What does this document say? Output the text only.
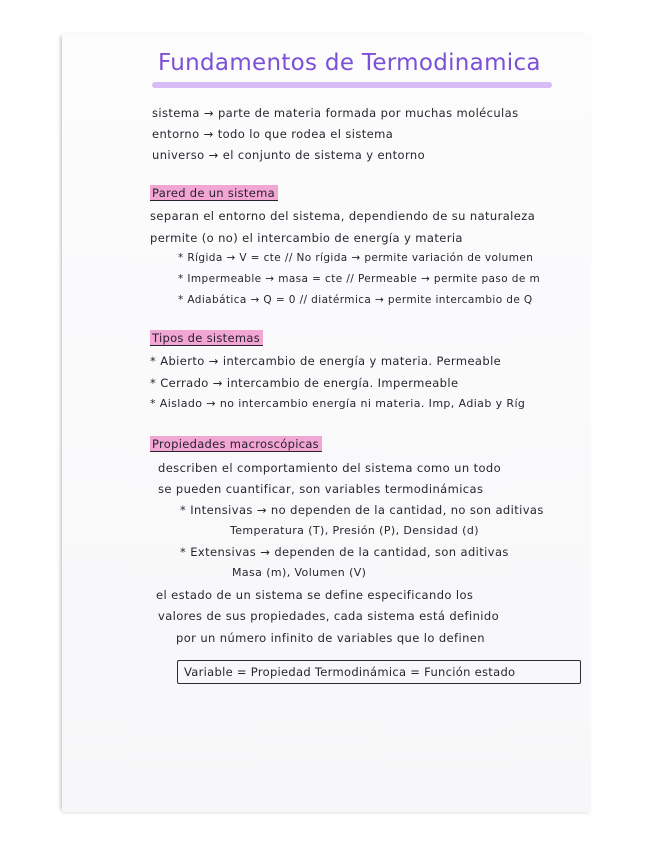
Fundamentos de Termodinamica
sistema → parte de materia formada por muchas moléculas
entorno → todo lo que rodea el sistema
universo → el conjunto de sistema y entorno
Pared de un sistema
separan el entorno del sistema, dependiendo de su naturaleza
permite (o no) el intercambio de energía y materia
* Rígida → V = cte // No rígida → permite variación de volumen
* Impermeable → masa = cte // Permeable → permite paso de m
* Adiabática → Q = 0 // diatérmica → permite intercambio de Q
Tipos de sistemas
* Abierto → intercambio de energía y materia. Permeable
* Cerrado → intercambio de energía. Impermeable
* Aislado → no intercambio energía ni materia. Imp, Adiab y Ríg
Propiedades macroscópicas
describen el comportamiento del sistema como un todo
se pueden cuantificar, son variables termodinámicas
* Intensivas → no dependen de la cantidad, no son aditivas
Temperatura (T), Presión (P), Densidad (d)
* Extensivas → dependen de la cantidad, son aditivas
Masa (m), Volumen (V)
el estado de un sistema se define especificando los
valores de sus propiedades, cada sistema está definido
por un número infinito de variables que lo definen
Variable = Propiedad Termodinámica = Función estado
